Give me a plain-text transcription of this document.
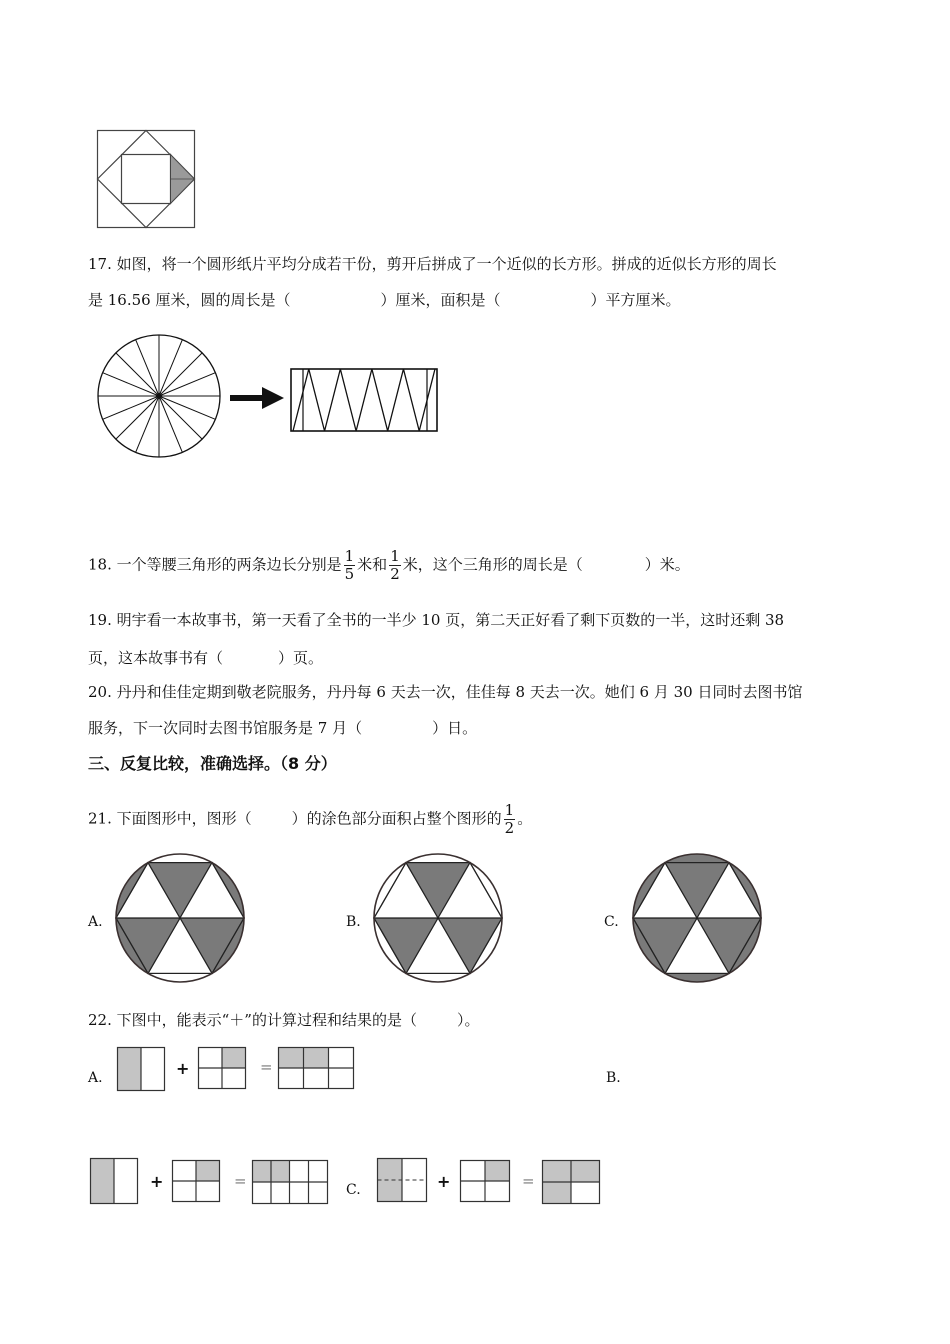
17. 如图，将一个圆形纸片平均分成若干份，剪开后拼成了一个近似的长方形。拼成的近似长方形的周长
是 16.56 厘米，圆的周长是（	）厘米，面积是（	）平方厘米。
18. 一个等腰三角形的两条边长分别是 $\frac{1}{5}$ 米和 $\frac{1}{2}$ 米，这个三角形的周长是（	）米。
19. 明宇看一本故事书，第一天看了全书的一半少 10 页，第二天正好看了剩下页数的一半，这时还剩 38
页，这本故事书有（	）页。
20. 丹丹和佳佳定期到敬老院服务，丹丹每 6 天去一次，佳佳每 8 天去一次。她们 6 月 30 日同时去图书馆
服务，下一次同时去图书馆服务是 7 月（	）日。
三、反复比较，准确选择。（8 分）
21. 下面图形中，图形（	）的涂色部分面积占整个图形的 $\frac{1}{2}$ 。
A.	B.	C.
22. 下图中，能表示“＋”的计算过程和结果的是（	）。
A.	+	=
B.
+	=	C.	+	=
